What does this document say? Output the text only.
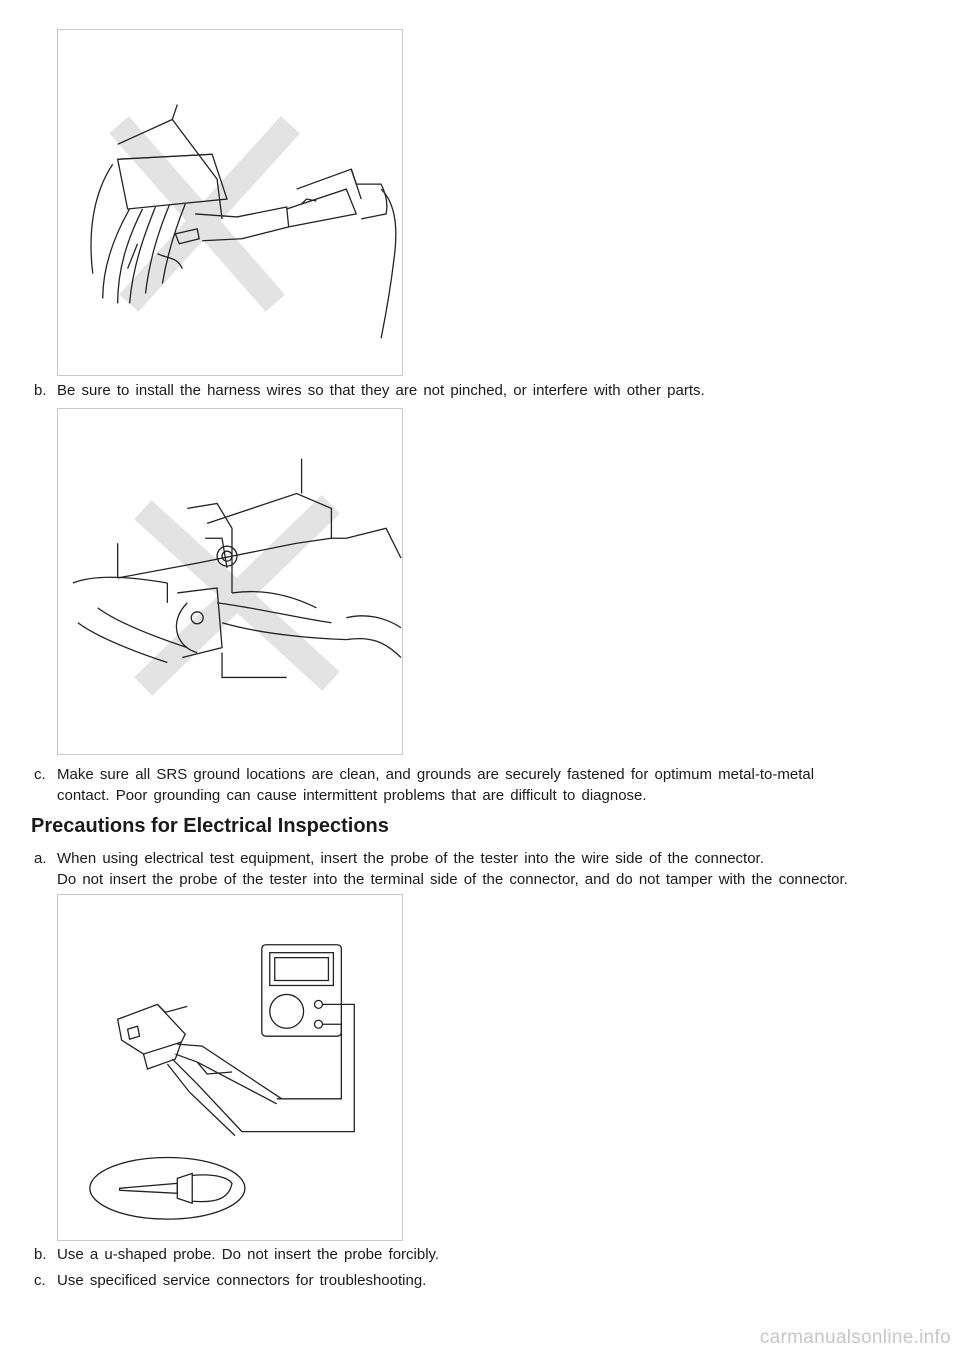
b. Be sure to install the harness wires so that they are not pinched, or interfere with other parts.
c. Make sure all SRS ground locations are clean, and grounds are securely fastened for optimum metal-to-metal
contact. Poor grounding can cause intermittent problems that are difficult to diagnose.
Precautions for Electrical Inspections
a. When using electrical test equipment, insert the probe of the tester into the wire side of the connector.
Do not insert the probe of the tester into the terminal side of the connector, and do not tamper with the connector.
b. Use a u-shaped probe. Do not insert the probe forcibly.
c. Use specificed service connectors for troubleshooting.
carmanualsonline.info
